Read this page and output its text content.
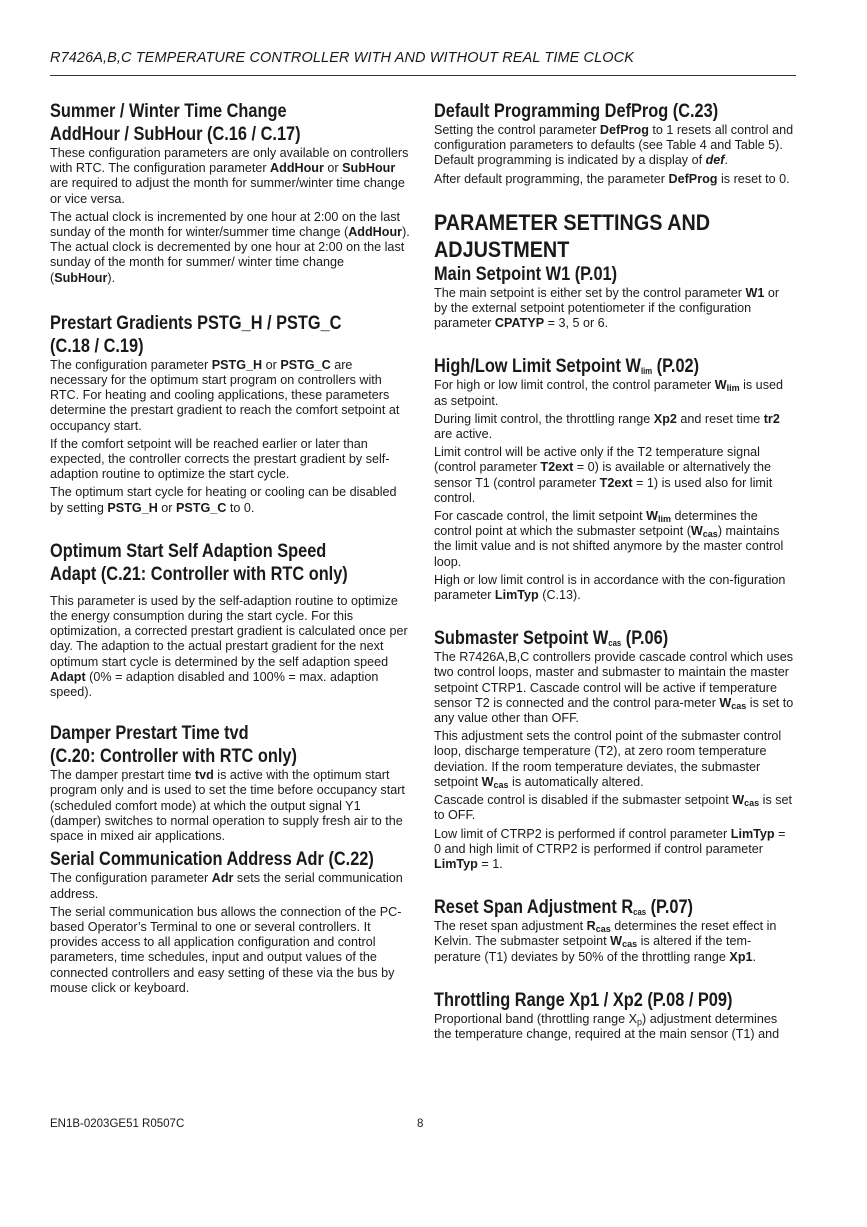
R7426A,B,C TEMPERATURE CONTROLLER WITH AND WITHOUT REAL TIME CLOCK
Summer / Winter Time Change
AddHour / SubHour (C.16 / C.17)

These configuration parameters are only available on controllers with RTC. The configuration parameter AddHour or SubHour are required to adjust the month for summer/winter time change or vice versa.

The actual clock is incremented by one hour at 2:00 on the last sunday of the month for winter/summer time change (AddHour). The actual clock is decremented by one hour at 2:00 on the last sunday of the month for summer/ winter time change (SubHour).

Prestart Gradients PSTG_H / PSTG_C
(C.18 / C.19)

The configuration parameter PSTG_H or PSTG_C are necessary for the optimum start program on controllers with RTC. For heating and cooling applications, these parameters determine the prestart gradient to reach the comfort setpoint at occupancy start.

If the comfort setpoint will be reached earlier or later than expected, the controller corrects the prestart gradient by self-adaption routine to optimize the start cycle.

The optimum start cycle for heating or cooling can be disabled by setting PSTG_H or PSTG_C to 0.

Optimum Start Self Adaption Speed
Adapt (C.21: Controller with RTC only)

This parameter is used by the self-adaption routine to optimize the energy consumption during the start cycle. For this optimization, a corrected prestart gradient is calculated once per day. The adaption to the actual prestart gradient for the next optimum start cycle is determined by the self adaption speed Adapt (0% = adaption disabled and 100% = max. adaption speed).

Damper Prestart Time tvd
(C.20: Controller with RTC only)

The damper prestart time tvd is active with the optimum start program only and is used to set the time before occupancy start (scheduled comfort mode) at which the output signal Y1 (damper) switches to normal operation to supply fresh air to the space in mixed air applications.

Serial Communication Address Adr (C.22)

The configuration parameter Adr sets the serial communication address.

The serial communication bus allows the connection of the PC-based Operator’s Terminal to one or several controllers. It provides access to all application configuration and control parameters, time schedules, input and output values of the connected controllers and easy setting of these via the bus by mouse click or keyboard.

Default Programming DefProg (C.23)

Setting the control parameter DefProg to 1 resets all control and configuration parameters to defaults (see Table 4 and Table 5). Default programming is indicated by a display of def.

After default programming, the parameter DefProg is reset to 0.

PARAMETER SETTINGS AND
ADJUSTMENT
Main Setpoint W1 (P.01)

The main setpoint is either set by the control parameter W1 or by the external setpoint potentiometer if the configuration parameter CPATYP = 3, 5 or 6.

High/Low Limit Setpoint $W_{lim}$ (P.02)

For high or low limit control, the control parameter $W_{lim}$ is used as setpoint.

During limit control, the throttling range Xp2 and reset time tr2 are active.

Limit control will be active only if the T2 temperature signal (control parameter T2ext = 0) is available or alternatively the sensor T1 (control parameter T2ext = 1) is used also for limit control.

For cascade control, the limit setpoint $W_{lim}$ determines the control point at which the submaster setpoint $(W_{cas})$ maintains the limit value and is not shifted anymore by the master control loop.

High or low limit control is in accordance with the con-figuration parameter LimTyp (C.13).

Submaster Setpoint $W_{cas}$ (P.06)

The R7426A,B,C controllers provide cascade control which uses two control loops, master and submaster to maintain the master setpoint CTRP1. Cascade control will be active if temperature sensor T2 is connected and the control para-meter $W_{cas}$ is set to any value other than OFF.

This adjustment sets the control point of the submaster control loop, discharge temperature (T2), at zero room temperature deviation. If the room temperature deviates, the submaster setpoint $W_{cas}$ is automatically altered.

Cascade control is disabled if the submaster setpoint $W_{cas}$ is set to OFF.

Low limit of CTRP2 is performed if control parameter LimTyp = 0 and high limit of CTRP2 is performed if control parameter LimTyp = 1.

Reset Span Adjustment $R_{cas}$ (P.07)

The reset span adjustment $R_{cas}$ determines the reset effect in Kelvin. The submaster setpoint $W_{cas}$ is altered if the tem-perature (T1) deviates by 50% of the throttling range Xp1.

Throttling Range Xp1 / Xp2 (P.08 / P09)

Proportional band (throttling range $X_p$) adjustment determines the temperature change, required at the main sensor (T1) and

EN1B-0203GE51 R0507C	8
